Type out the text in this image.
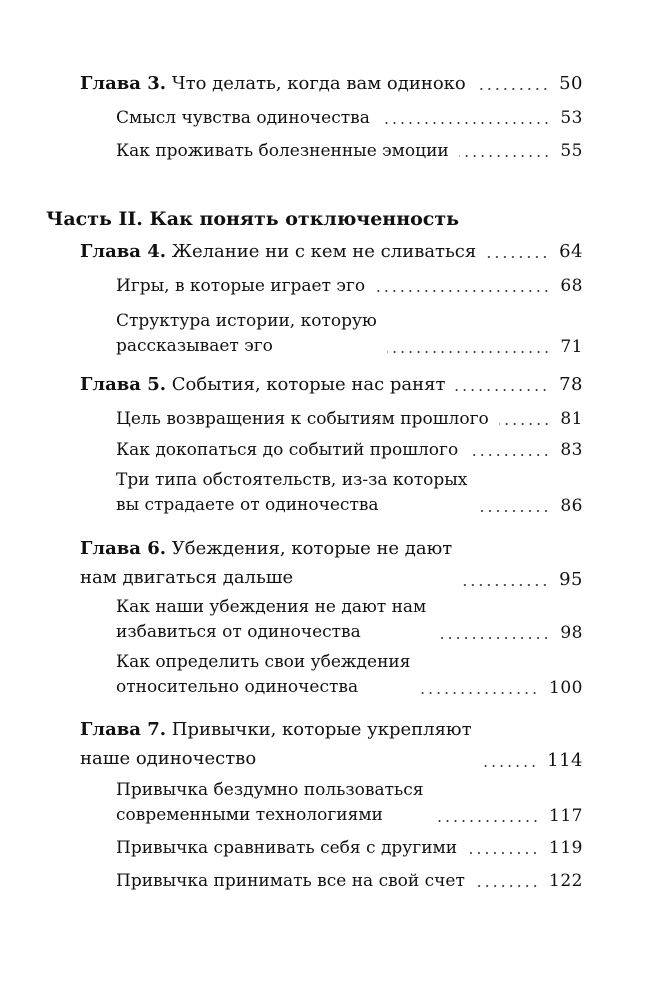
Глава 3. Что делать, когда вам одиноко	50
Смысл чувства одиночества	53
Как проживать болезненные эмоции	55
Часть II. Как понять отключенность
Глава 4. Желание ни с кем не сливаться	64
Игры, в которые играет эго	68
Структура истории, которую
рассказывает эго	71
Глава 5. События, которые нас ранят	78
Цель возвращения к событиям прошлого	81
Как докопаться до событий прошлого	83
Три типа обстоятельств, из-за которых
вы страдаете от одиночества	86
Глава 6. Убеждения, которые не дают
нам двигаться дальше	95
Как наши убеждения не дают нам
избавиться от одиночества	98
Как определить свои убеждения
относительно одиночества	100
Глава 7. Привычки, которые укрепляют
наше одиночество	114
Привычка бездумно пользоваться
современными технологиями	117
Привычка сравнивать себя с другими	119
Привычка принимать все на свой счет	122
